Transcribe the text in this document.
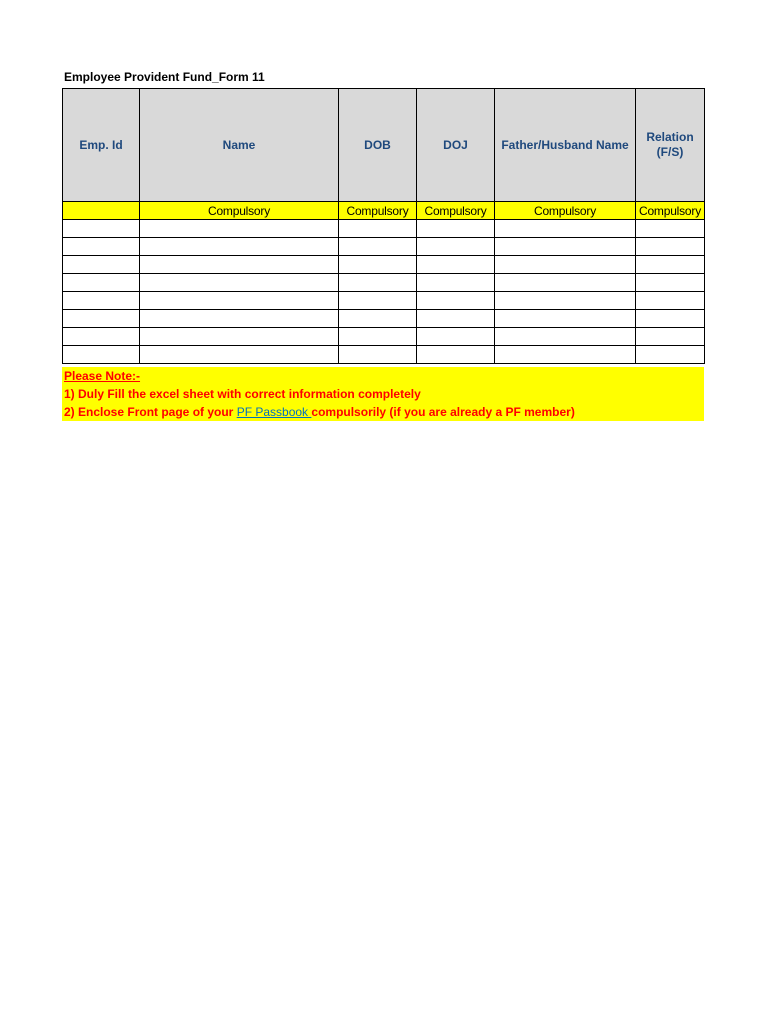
Employee Provident Fund_Form 11
Emp. Id	Name	DOB	DOJ	Father/Husband Name	Relation (F/S)
	Compulsory	Compulsory	Compulsory	Compulsory	Compulsory

Please Note:-
1) Duly Fill the excel sheet with correct information completely
2) Enclose Front page of your PF Passbook compulsorily (if you are already a PF member)
